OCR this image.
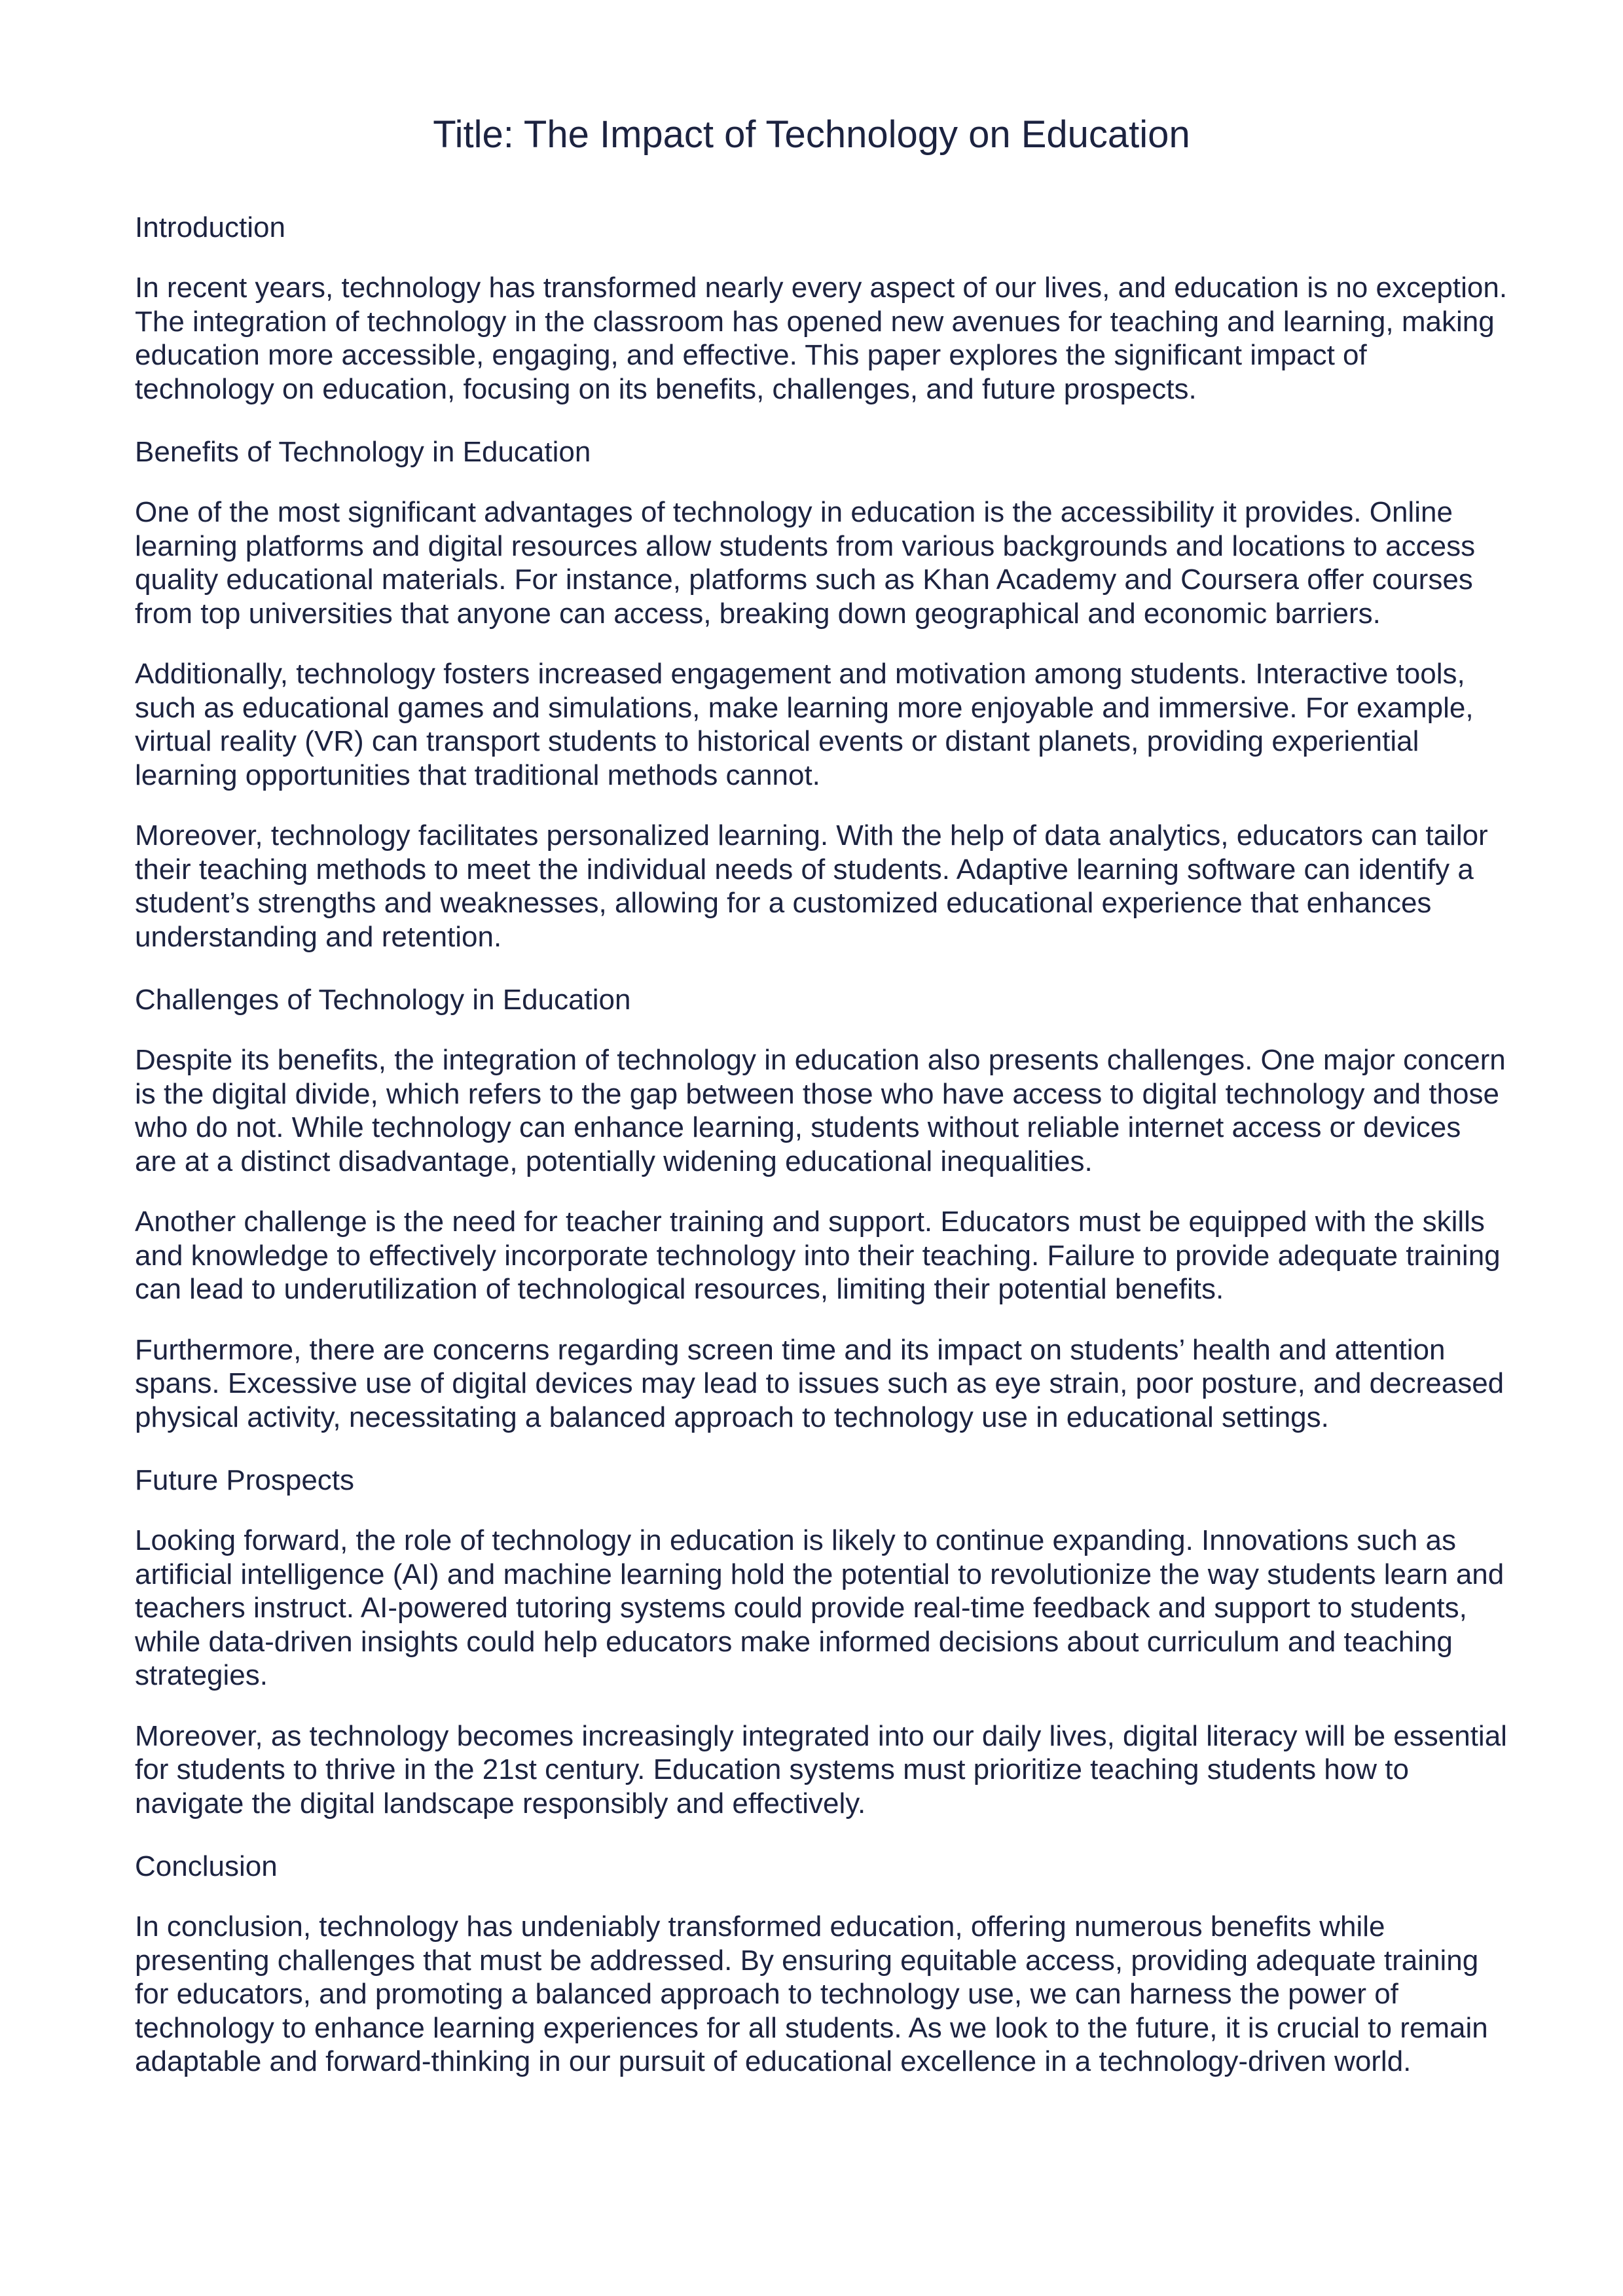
Title: The Impact of Technology on Education
Introduction

In recent years, technology has transformed nearly every aspect of our lives, and education is no exception. The integration of technology in the classroom has opened new avenues for teaching and learning, making education more accessible, engaging, and effective. This paper explores the significant impact of technology on education, focusing on its benefits, challenges, and future prospects.

Benefits of Technology in Education

One of the most significant advantages of technology in education is the accessibility it provides. Online learning platforms and digital resources allow students from various backgrounds and locations to access quality educational materials. For instance, platforms such as Khan Academy and Coursera offer courses from top universities that anyone can access, breaking down geographical and economic barriers.

Additionally, technology fosters increased engagement and motivation among students. Interactive tools, such as educational games and simulations, make learning more enjoyable and immersive. For example, virtual reality (VR) can transport students to historical events or distant planets, providing experiential learning opportunities that traditional methods cannot.

Moreover, technology facilitates personalized learning. With the help of data analytics, educators can tailor their teaching methods to meet the individual needs of students. Adaptive learning software can identify a student’s strengths and weaknesses, allowing for a customized educational experience that enhances understanding and retention.

Challenges of Technology in Education

Despite its benefits, the integration of technology in education also presents challenges. One major concern is the digital divide, which refers to the gap between those who have access to digital technology and those who do not. While technology can enhance learning, students without reliable internet access or devices are at a distinct disadvantage, potentially widening educational inequalities.

Another challenge is the need for teacher training and support. Educators must be equipped with the skills and knowledge to effectively incorporate technology into their teaching. Failure to provide adequate training can lead to underutilization of technological resources, limiting their potential benefits.

Furthermore, there are concerns regarding screen time and its impact on students’ health and attention spans. Excessive use of digital devices may lead to issues such as eye strain, poor posture, and decreased physical activity, necessitating a balanced approach to technology use in educational settings.

Future Prospects

Looking forward, the role of technology in education is likely to continue expanding. Innovations such as artificial intelligence (AI) and machine learning hold the potential to revolutionize the way students learn and teachers instruct. AI-powered tutoring systems could provide real-time feedback and support to students, while data-driven insights could help educators make informed decisions about curriculum and teaching strategies.

Moreover, as technology becomes increasingly integrated into our daily lives, digital literacy will be essential for students to thrive in the 21st century. Education systems must prioritize teaching students how to navigate the digital landscape responsibly and effectively.

Conclusion

In conclusion, technology has undeniably transformed education, offering numerous benefits while presenting challenges that must be addressed. By ensuring equitable access, providing adequate training for educators, and promoting a balanced approach to technology use, we can harness the power of technology to enhance learning experiences for all students. As we look to the future, it is crucial to remain adaptable and forward-thinking in our pursuit of educational excellence in a technology-driven world.
